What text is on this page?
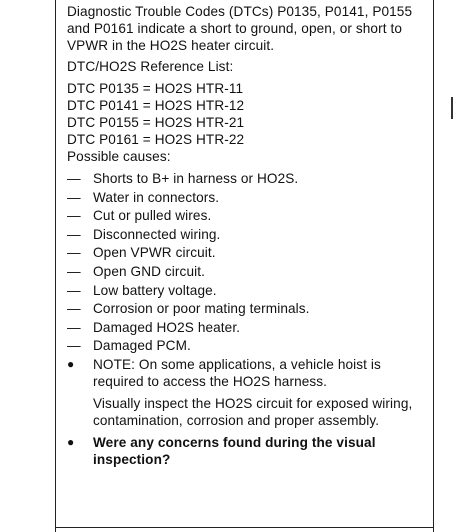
Diagnostic Trouble Codes (DTCs) P0135, P0141, P0155 and P0161 indicate a short to ground, open, or short to VPWR in the HO2S heater circuit.

DTC/HO2S Reference List:

DTC P0135 = HO2S HTR-11

DTC P0141 = HO2S HTR-12

DTC P0155 = HO2S HTR-21

DTC P0161 = HO2S HTR-22

Possible causes:

— Shorts to B+ in harness or HO2S.
— Water in connectors.
— Cut or pulled wires.
— Disconnected wiring.
— Open VPWR circuit.
— Open GND circuit.
— Low battery voltage.
— Corrosion or poor mating terminals.
— Damaged HO2S heater.
— Damaged PCM.
● NOTE: On some applications, a vehicle hoist is required to access the HO2S harness.

Visually inspect the HO2S circuit for exposed wiring, contamination, corrosion and proper assembly.

● Were any concerns found during the visual inspection?
